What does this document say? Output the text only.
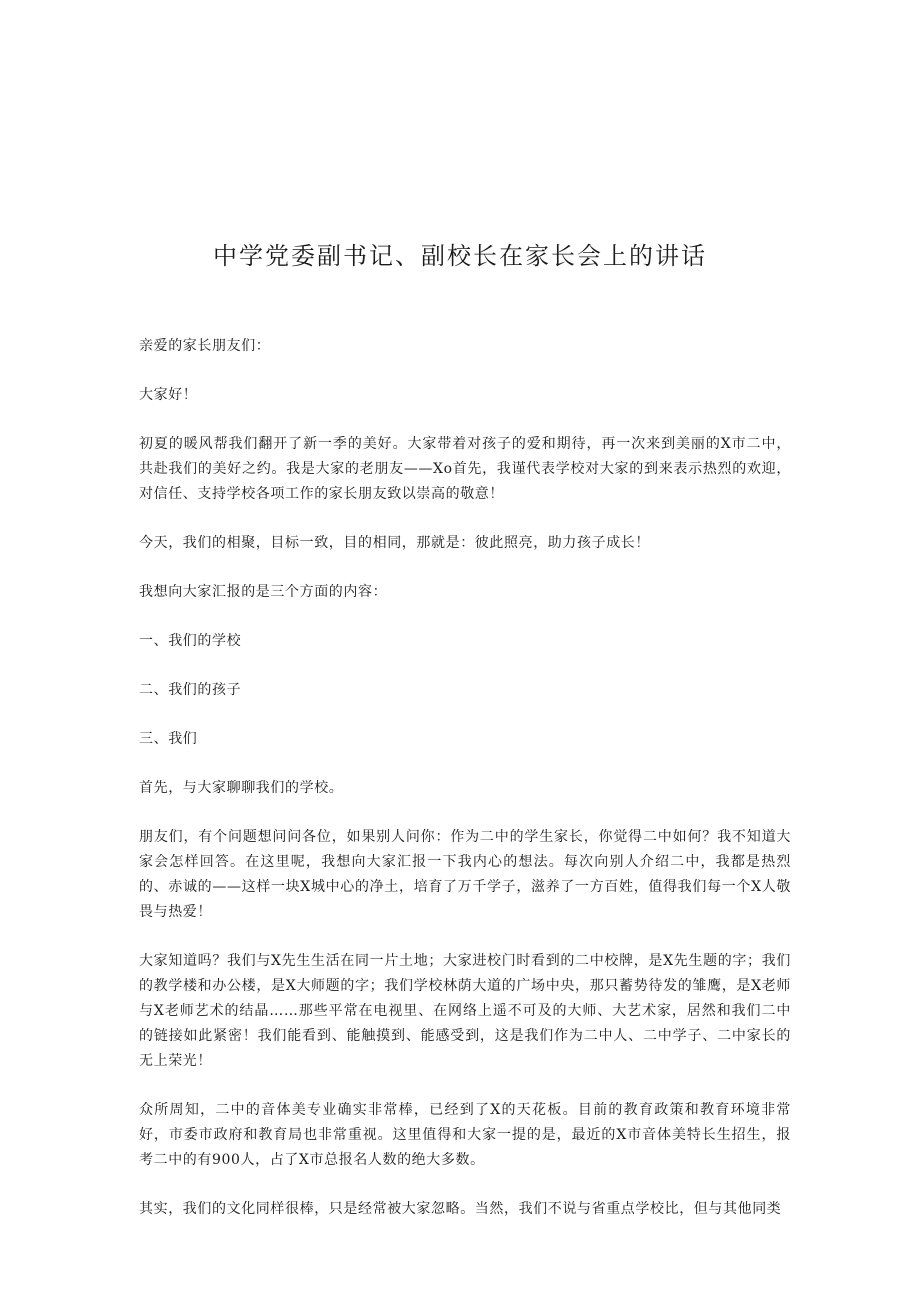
中学党委副书记、副校长在家长会上的讲话

亲爱的家长朋友们：

大家好！

初夏的暖风帮我们翻开了新一季的美好。大家带着对孩子的爱和期待，再一次来到美丽的X市二中，共赴我们的美好之约。我是大家的老朋友——Xo首先，我谨代表学校对大家的到来表示热烈的欢迎，对信任、支持学校各项工作的家长朋友致以崇高的敬意！

今天，我们的相聚，目标一致，目的相同，那就是：彼此照亮，助力孩子成长！

我想向大家汇报的是三个方面的内容：

一、我们的学校

二、我们的孩子

三、我们

首先，与大家聊聊我们的学校。

朋友们，有个问题想问问各位，如果别人问你：作为二中的学生家长，你觉得二中如何？我不知道大家会怎样回答。在这里呢，我想向大家汇报一下我内心的想法。每次向别人介绍二中，我都是热烈的、赤诚的——这样一块X城中心的净土，培育了万千学子，滋养了一方百姓，值得我们每一个X人敬畏与热爱！

大家知道吗？我们与X先生生活在同一片土地；大家进校门时看到的二中校牌，是X先生题的字；我们的教学楼和办公楼，是X大师题的字；我们学校林荫大道的广场中央，那只蓄势待发的雏鹰，是X老师与X老师艺术的结晶……那些平常在电视里、在网络上遥不可及的大师、大艺术家，居然和我们二中的链接如此紧密！我们能看到、能触摸到、能感受到，这是我们作为二中人、二中学子、二中家长的无上荣光！

众所周知，二中的音体美专业确实非常棒，已经到了X的天花板。目前的教育政策和教育环境非常好，市委市政府和教育局也非常重视。这里值得和大家一提的是，最近的X市音体美特长生招生，报考二中的有900人，占了X市总报名人数的绝大多数。

其实，我们的文化同样很棒，只是经常被大家忽略。当然，我们不说与省重点学校比，但与其他同类
